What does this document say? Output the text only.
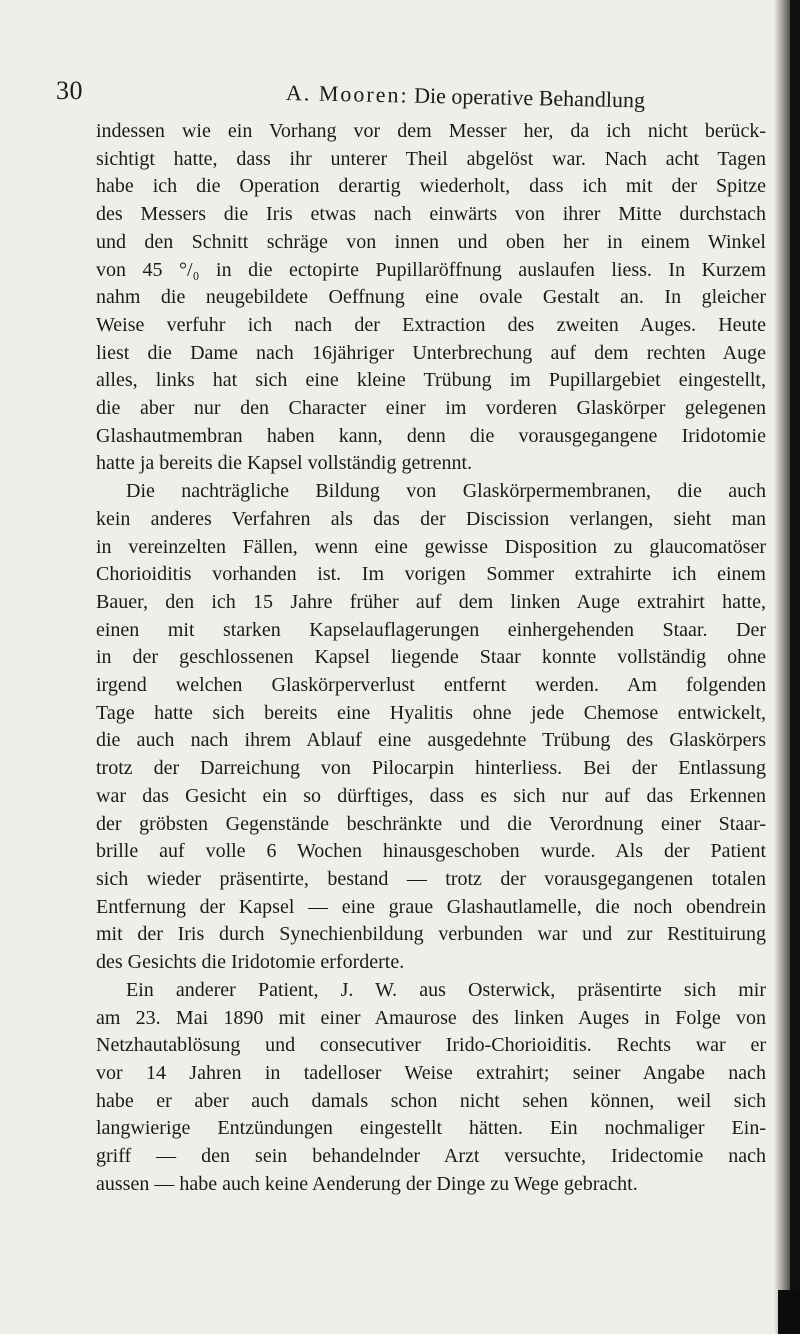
30	A. Mooren: Die operative Behandlung
indessen wie ein Vorhang vor dem Messer her, da ich nicht berück-
sichtigt hatte, dass ihr unterer Theil abgelöst war. Nach acht Tagen
habe ich die Operation derartig wiederholt, dass ich mit der Spitze
des Messers die Iris etwas nach einwärts von ihrer Mitte durchstach
und den Schnitt schräge von innen und oben her in einem Winkel
von 45 °/₀ in die ectopirte Pupillaröffnung auslaufen liess. In Kurzem
nahm die neugebildete Oeffnung eine ovale Gestalt an. In gleicher
Weise verfuhr ich nach der Extraction des zweiten Auges. Heute
liest die Dame nach 16jähriger Unterbrechung auf dem rechten Auge
alles, links hat sich eine kleine Trübung im Pupillargebiet eingestellt,
die aber nur den Character einer im vorderen Glaskörper gelegenen
Glashautmembran haben kann, denn die vorausgegangene Iridotomie
hatte ja bereits die Kapsel vollständig getrennt.
Die nachträgliche Bildung von Glaskörpermembranen, die auch
kein anderes Verfahren als das der Discission verlangen, sieht man
in vereinzelten Fällen, wenn eine gewisse Disposition zu glaucomatöser
Chorioiditis vorhanden ist. Im vorigen Sommer extrahirte ich einem
Bauer, den ich 15 Jahre früher auf dem linken Auge extrahirt hatte,
einen mit starken Kapselauflagerungen einhergehenden Staar. Der
in der geschlossenen Kapsel liegende Staar konnte vollständig ohne
irgend welchen Glaskörperverlust entfernt werden. Am folgenden
Tage hatte sich bereits eine Hyalitis ohne jede Chemose entwickelt,
die auch nach ihrem Ablauf eine ausgedehnte Trübung des Glaskörpers
trotz der Darreichung von Pilocarpin hinterliess. Bei der Entlassung
war das Gesicht ein so dürftiges, dass es sich nur auf das Erkennen
der gröbsten Gegenstände beschränkte und die Verordnung einer Staar-
brille auf volle 6 Wochen hinausgeschoben wurde. Als der Patient
sich wieder präsentirte, bestand — trotz der vorausgegangenen totalen
Entfernung der Kapsel — eine graue Glashautlamelle, die noch obendrein
mit der Iris durch Synechienbildung verbunden war und zur Restituirung
des Gesichts die Iridotomie erforderte.
Ein anderer Patient, J. W. aus Osterwick, präsentirte sich mir
am 23. Mai 1890 mit einer Amaurose des linken Auges in Folge von
Netzhautablösung und consecutiver Irido-Chorioiditis. Rechts war er
vor 14 Jahren in tadelloser Weise extrahirt; seiner Angabe nach
habe er aber auch damals schon nicht sehen können, weil sich
langwierige Entzündungen eingestellt hätten. Ein nochmaliger Ein-
griff — den sein behandelnder Arzt versuchte, Iridectomie nach
aussen — habe auch keine Aenderung der Dinge zu Wege gebracht.
